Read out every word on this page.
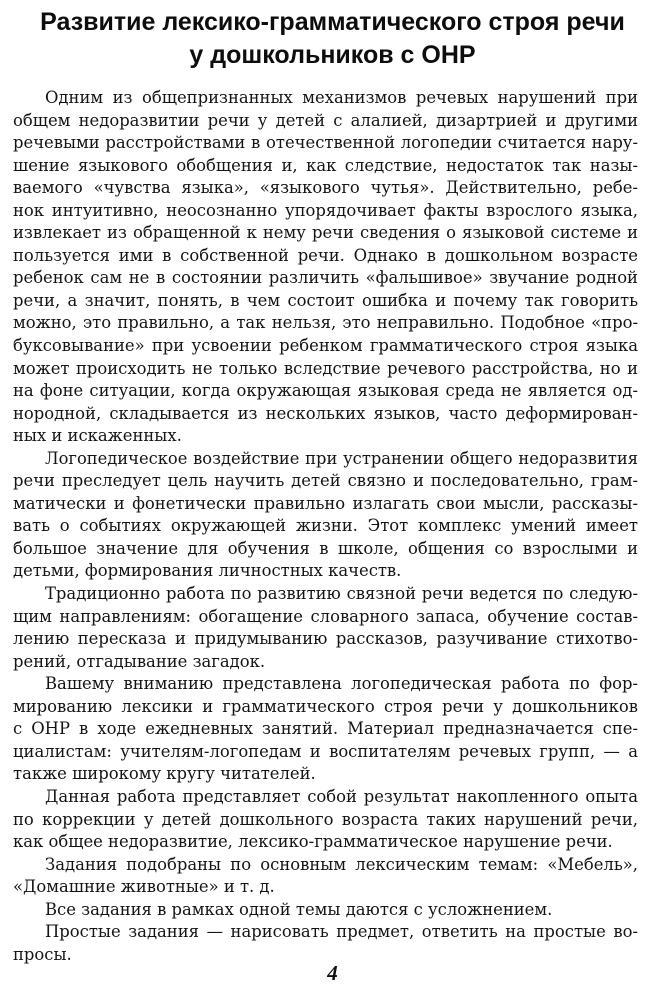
Развитие лексико-грамматического строя речи
у дошкольников с ОНР
Одним из общепризнанных механизмов речевых нарушений при
общем недоразвитии речи у детей с алалией, дизартрией и другими
речевыми расстройствами в отечественной логопедии считается нару-
шение языкового обобщения и, как следствие, недостаток так назы-
ваемого «чувства языка», «языкового чутья». Действительно, ребе-
нок интуитивно, неосознанно упорядочивает факты взрослого языка,
извлекает из обращенной к нему речи сведения о языковой системе и
пользуется ими в собственной речи. Однако в дошкольном возрасте
ребенок сам не в состоянии различить «фальшивое» звучание родной
речи, а значит, понять, в чем состоит ошибка и почему так говорить
можно, это правильно, а так нельзя, это неправильно. Подобное «про-
буксовывание» при усвоении ребенком грамматического строя языка
может происходить не только вследствие речевого расстройства, но и
на фоне ситуации, когда окружающая языковая среда не является од-
нородной, складывается из нескольких языков, часто деформирован-
ных и искаженных.
Логопедическое воздействие при устранении общего недоразвития
речи преследует цель научить детей связно и последовательно, грам-
матически и фонетически правильно излагать свои мысли, рассказы-
вать о событиях окружающей жизни. Этот комплекс умений имеет
большое значение для обучения в школе, общения со взрослыми и
детьми, формирования личностных качеств.
Традиционно работа по развитию связной речи ведется по следую-
щим направлениям: обогащение словарного запаса, обучение состав-
лению пересказа и придумыванию рассказов, разучивание стихотво-
рений, отгадывание загадок.
Вашему вниманию представлена логопедическая работа по фор-
мированию лексики и грамматического строя речи у дошкольников
с ОНР в ходе ежедневных занятий. Материал предназначается спе-
циалистам: учителям-логопедам и воспитателям речевых групп, — а
также широкому кругу читателей.
Данная работа представляет собой результат накопленного опыта
по коррекции у детей дошкольного возраста таких нарушений речи,
как общее недоразвитие, лексико-грамматическое нарушение речи.
Задания подобраны по основным лексическим темам: «Мебель»,
«Домашние животные» и т. д.
Все задания в рамках одной темы даются с усложнением.
Простые задания — нарисовать предмет, ответить на простые во-
просы.
4
